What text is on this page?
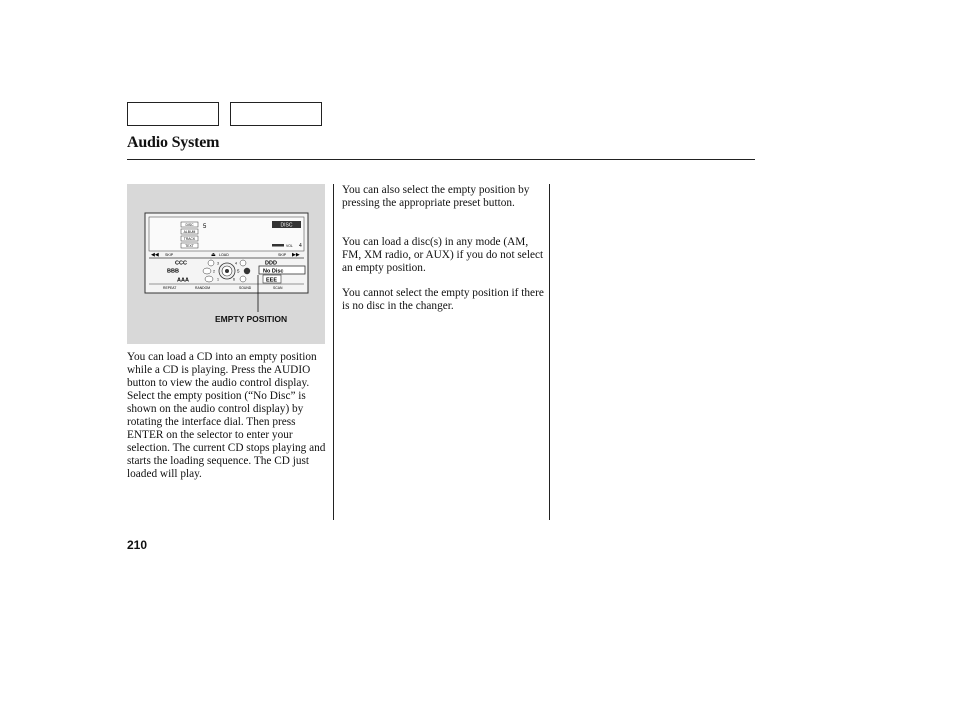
Audio System
DISC
ALBUM
TRACK
TEXT
5	DISC
VOL 4
◀◀ SKIP	⏏ LOAD	SKIP ▶▶
CCC	DDD
BBB	No Disc
AAA	EEE
3	4
2	5
1	6
REPEAT	RANDOM	SOUND	SCAN
EMPTY POSITION

You can load a CD into an empty position while a CD is playing. Press the AUDIO button to view the audio control display. Select the empty position (“No Disc” is shown on the audio control display) by rotating the interface dial. Then press ENTER on the selector to enter your selection. The current CD stops playing and starts the loading sequence. The CD just loaded will play.

You can also select the empty position by pressing the appropriate preset button.

You can load a disc(s) in any mode (AM, FM, XM radio, or AUX) if you do not select an empty position.

You cannot select the empty position if there is no disc in the changer.

210
